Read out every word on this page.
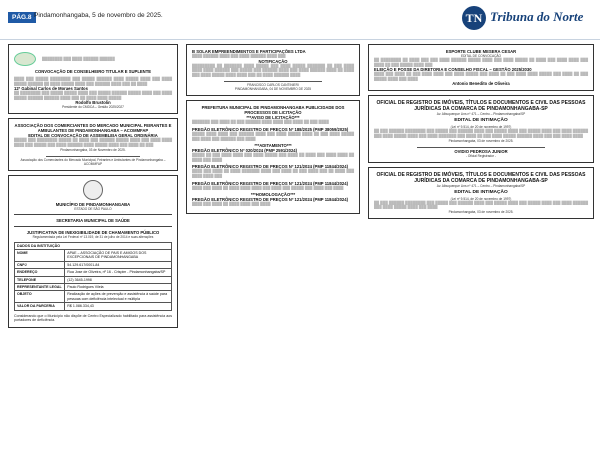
PÁG.8 Pindamonhangaba, 5 de novembro de 2025.	TN Tribuna do Norte
████████ ███ ████ ██████ ██████
CONVOCAÇÃO DE CONSELHEIRO TITULAR E SUPLENTE
████ ███ █████ ████████ ███ █████ ██████ ████ █████ ████ ███ ████ █████ ██████ ██ ████ █████ ████ ███ ██████ ████ ███ ██ ████
12ª Gabinal Carlos de Moraes Santos
██ ████████ ███ █████ █████ ████ ███ █████ ██████ █████ ████ ███ ████ █████ ██████ ██████ ████ ███ ██ ████ ████ █████
Rodolfo Brustolin
Presidente do CMDCA – Gestão 2025/2027
ASSOCIAÇÃO DOS COMERCIANTES DO MERCADO MUNICIPAL FEIRANTES E AMBULANTES DE PINDAMONHANGABA – ACOMMFAP
EDITAL DE CONVOCAÇÃO DE ASSEMBLEIA GERAL ORDINÁRIA
█████ ███ ████████ █████ ██ ████ ███ ██████ █████ ████ ███ ████ ████ ████ ███ █████ ███ ████ ██████ ████ █████ ████ ███ ████ ██ ███
Pindamonhangaba, 03 de Novembro de 2025.
Associação dos Comerciantes do Mercado Municipal, Feirantes e Ambulantes de Pindamonhangaba – ACOMMFAP
MUNICÍPIO DE PINDAMONHANGABA
ESTADO DE SÃO PAULO
SECRETARIA MUNICIPAL DE SAÚDE
JUSTIFICATIVA DE INEXIGIBILIDADE DE CHAMAMENTO PÚBLICO
Regulamentada pela Lei Federal nº 13.019, de 31 de julho de 2014 e suas alterações
DADOS DA INSTITUIÇÃO	
NOME	APAE – ASSOCIAÇÃO DE PAIS E AMIGOS DOS EXCEPCIONAIS DE PINDAMONHANGABA
CNPJ	54.129.617/0001-84
ENDEREÇO	Rua Jose de Oliveira, nº 16 - Crispim - Pindamonhangaba/SP
TELEFONE	(12) 3645-1998
REPRESENTANTE LEGAL	Paulo Rodrigues Vilela
OBJETO	Realização de ações de prevenção e assistência à saúde para pessoas com deficiência intelectual e múltipla
VALOR DA PARCERIA	R$ 1.086.334,43
Considerando que o Município não dispõe de Centro Especializado habilitado para assistência aos portadores de deficiência.
B SOLAR EMPREENDIMENTOS E PARTICIPAÇÕES LTDA
████ ██████ ████ ███ ████ ██████ ████ ███
NOTIFICAÇÃO
█████████ ██ ███████ ████ █████ ███ ████ █████ ███████ ██ ███ ████ ████ ████ ██████ ███ █████ ███ ██████ ████ ███ ████ ██████ ████ ██ ████ ███ ████ █████ ████ ████ ███ ██ ████ ██████ ████
FRANCISCO CARLOS CANTINIERI
PINDAMONHANGABA, 04 DE NOVEMBRO DE 2025
PREFEITURA MUNICIPAL DE PINDAMONHANGABA PUBLICIDADE DOS PROCESSOS DE LICITAÇÃO
***AVISO DE LICITAÇÃO***
███████ ███ ████ ██ ███ ██████ ████ ████ ███ ████ ██ ███ ████
PREGÃO ELETRÔNICO REGISTRO DE PREÇOS Nº 188/2025 (PMP 38059/2025)
█████ ████ ████ ███ ██████ ████ ███ ████ █████ ████ ██ ███ ████ █████ ███ ████ ███ ██████ ███ ████
***ADITAMENTO***
PREGÃO ELETRÔNICO Nº 020/2024 (PMP 2591/2024)
█████ ██ ███ ████ ████ ███ ████ █████ ███ ████ ██ ████ ███ ████ ████ ██ ████ ███ ████
PREGÃO ELETRÔNICO REGISTRO DE PREÇOS Nº 121/2024 (PMP 11844/2024)
████ ███ ████ ██ ████ ███████ ████ ███ ████ ██ ███ ████ ███ ██ ████ ███ ████ ████ ███
PREGÃO ELETRÔNICO REGISTRO DE PREÇOS Nº 121/2024 (PMP 11844/2024)
████ ███ ████ ██ ████ ████ ████ ███ ████ ███ █████ ███ ████ ███ ████
***HOMOLOGAÇÃO***
PREGÃO ELETRÔNICO REGISTRO DE PREÇOS Nº 121/2024 (PMP 11844/2024)
████ ███ ████ ██ ████ ████ ███ ████
ESPORTE CLUBE MESERA CESAR
EDITAL DE CONVOCAÇÃO
██ ████████ ██ ████ ███ ███ ████ ██████ █████ ████ ███ ████ █████ ██ ████ ███ ████ ████ ███ ████ ██ ███ █████ ████ ███
ELEIÇÃO E POSSE DA DIRETORIA E CONSELHO FISCAL – GESTÃO 2025/2030
████ ███ ████ ██ ███ ████ ████ ███ ████ █████ ███ ████ ██ ███ ████ ████ █████ ███ ████ ██ ███ █████ ████ ███ ████
Antonio Benedito de Oliveira
OFICIAL DE REGISTRO DE IMÓVEIS, TÍTULOS E DOCUMENTOS E CIVIL DAS PESSOAS JURÍDICAS DA COMARCA DE PINDAMONHANGABA-SP
Av. Albuquerque Lins nº 471 – Centro – Pindamonhangaba/SP
EDITAL DE INTIMAÇÃO
(Lei nº 9.514, de 20 de novembro de 1997)
██ ███ ██████ ████████ ███ █████ ███ ██████ ████ ███ █████ ████ ███ █████ ████ ███ ████ ██████ ███ ████ █████ ████ ███ ████ ███████ ███ ████ ██ ███ ████ █████ ██████ ████ ███ ███ ████ ████
Pindamonhangaba, 03 de novembro de 2025.
OVIDIO PEDROSA JUNIOR
- Oficial Registrador -
OFICIAL DE REGISTRO DE IMÓVEIS, TÍTULOS E DOCUMENTOS E CIVIL DAS PESSOAS JURÍDICAS DA COMARCA DE PINDAMONHANGABA-SP
Av. Albuquerque Lins nº 471 – Centro – Pindamonhangaba/SP
EDITAL DE INTIMAÇÃO
(Lei nº 9.514, de 20 de novembro de 1997)
██ ███ ██████ ████████ ███ █████ ███ ██████ ████ ███ █████ ████ ███ █████ ████ ███ ████ ██████ ███ ████ █████ ████ ███ ████
Pindamonhangaba, 03 de novembro de 2025.
